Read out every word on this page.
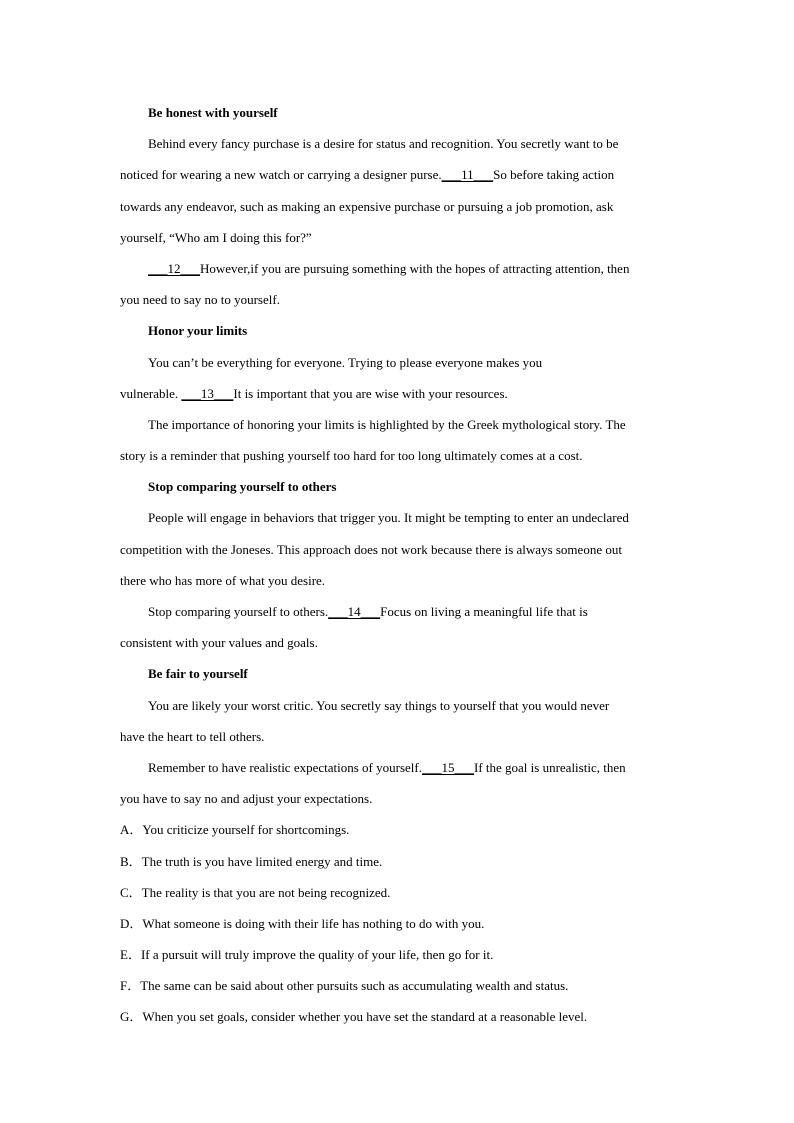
Be honest with yourself

Behind every fancy purchase is a desire for status and recognition. You secretly want to be

noticed for wearing a new watch or carrying a designer purse.___11___So before taking action

towards any endeavor, such as making an expensive purchase or pursuing a job promotion, ask

yourself, “Who am I doing this for?”

___12___However,if you are pursuing something with the hopes of attracting attention, then

you need to say no to yourself.

Honor your limits

You can’t be everything for everyone. Trying to please everyone makes you

vulnerable. ___13___It is important that you are wise with your resources.

The importance of honoring your limits is highlighted by the Greek mythological story. The

story is a reminder that pushing yourself too hard for too long ultimately comes at a cost.

Stop comparing yourself to others

People will engage in behaviors that trigger you. It might be tempting to enter an undeclared

competition with the Joneses. This approach does not work because there is always someone out

there who has more of what you desire.

Stop comparing yourself to others.___14___Focus on living a meaningful life that is

consistent with your values and goals.

Be fair to yourself

You are likely your worst critic. You secretly say things to yourself that you would never

have the heart to tell others.

Remember to have realistic expectations of yourself.___15___If the goal is unrealistic, then

you have to say no and adjust your expectations.

A．You criticize yourself for shortcomings.

B．The truth is you have limited energy and time.

C．The reality is that you are not being recognized.

D．What someone is doing with their life has nothing to do with you.

E．If a pursuit will truly improve the quality of your life, then go for it.

F．The same can be said about other pursuits such as accumulating wealth and status.

G．When you set goals, consider whether you have set the standard at a reasonable level.
